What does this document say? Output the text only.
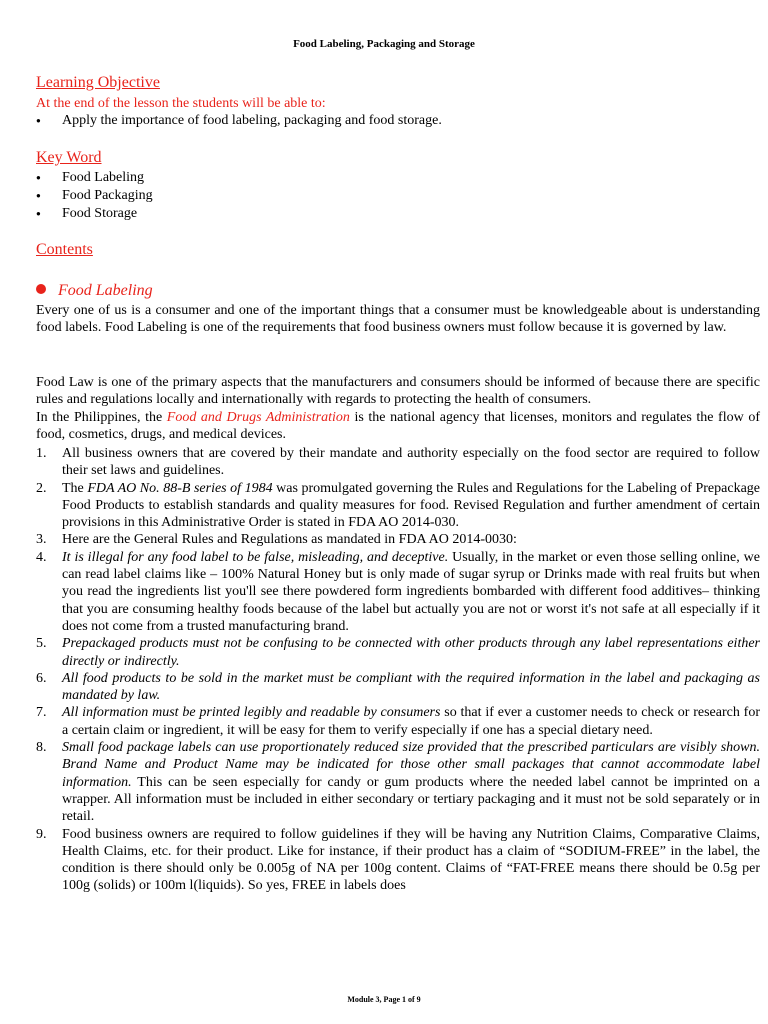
Food Labeling, Packaging and Storage
Learning Objective
At the end of the lesson the students will be able to:
● Apply the importance of food labeling, packaging and food storage.
Key Word
● Food Labeling
● Food Packaging
● Food Storage
Contents
Food Labeling

Every one of us is a consumer and one of the important things that a consumer must be knowledgeable about is understanding food labels. Food Labeling is one of the requirements that food business owners must follow because it is governed by law.

Food Law is one of the primary aspects that the manufacturers and consumers should be informed of because there are specific rules and regulations locally and internationally with regards to protecting the health of consumers.

In the Philippines, the Food and Drugs Administration is the national agency that licenses, monitors and regulates the flow of food, cosmetics, drugs, and medical devices.

1. All business owners that are covered by their mandate and authority especially on the food sector are required to follow their set laws and guidelines.
2. The FDA AO No. 88-B series of 1984 was promulgated governing the Rules and Regulations for the Labeling of Prepackage Food Products to establish standards and quality measures for food. Revised Regulation and further amendment of certain provisions in this Administrative Order is stated in FDA AO 2014-030.
3. Here are the General Rules and Regulations as mandated in FDA AO 2014-0030:
4. It is illegal for any food label to be false, misleading, and deceptive. Usually, in the market or even those selling online, we can read label claims like – 100% Natural Honey but is only made of sugar syrup or Drinks made with real fruits but when you read the ingredients list you'll see there powdered form ingredients bombarded with different food additives– thinking that you are consuming healthy foods because of the label but actually you are not or worst it's not safe at all especially if it does not come from a trusted manufacturing brand.
5. Prepackaged products must not be confusing to be connected with other products through any label representations either directly or indirectly.
6. All food products to be sold in the market must be compliant with the required information in the label and packaging as mandated by law.
7. All information must be printed legibly and readable by consumers so that if ever a customer needs to check or research for a certain claim or ingredient, it will be easy for them to verify especially if one has a special dietary need.
8. Small food package labels can use proportionately reduced size provided that the prescribed particulars are visibly shown. Brand Name and Product Name may be indicated for those other small packages that cannot accommodate label information. This can be seen especially for candy or gum products where the needed label cannot be imprinted on a wrapper. All information must be included in either secondary or tertiary packaging and it must not be sold separately or in retail.
9. Food business owners are required to follow guidelines if they will be having any Nutrition Claims, Comparative Claims, Health Claims, etc. for their product. Like for instance, if their product has a claim of “SODIUM-FREE” in the label, the condition is there should only be 0.005g of NA per 100g content. Claims of “FAT-FREE means there should be 0.5g per 100g (solids) or 100m l(liquids). So yes, FREE in labels does
Module 3, Page 1 of 9
